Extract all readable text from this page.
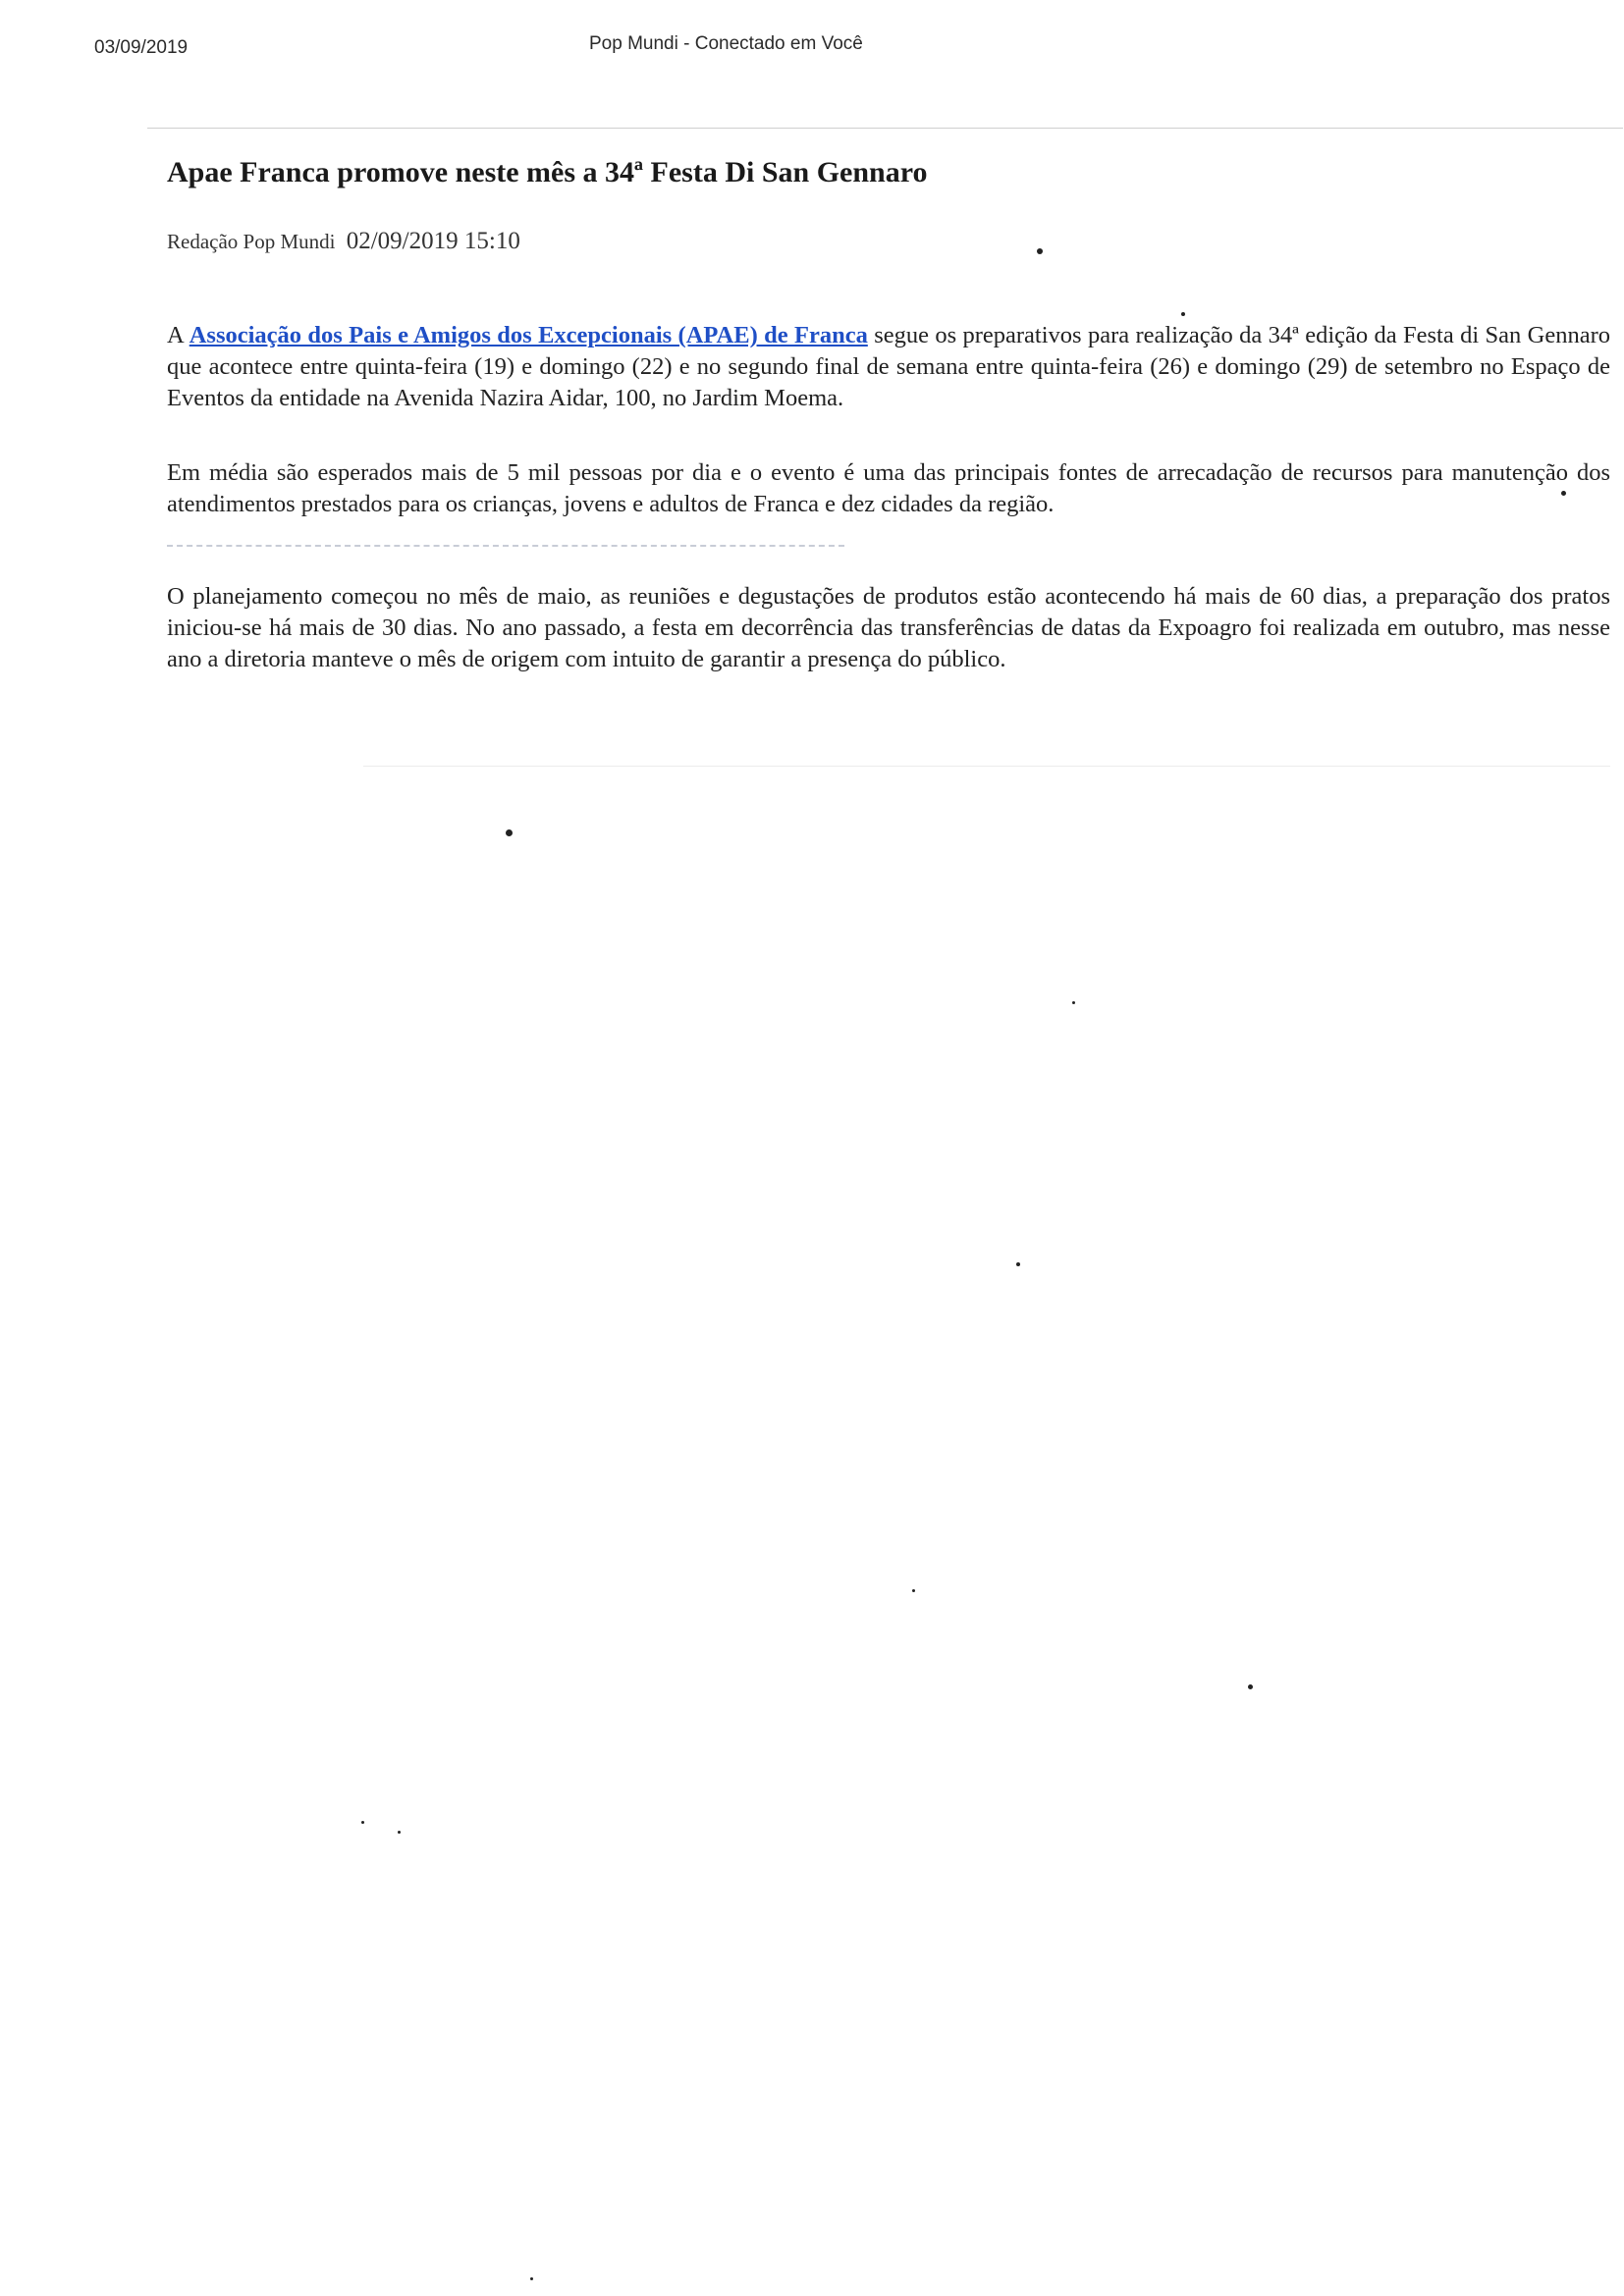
03/09/2019	Pop Mundi - Conectado em Você
Apae Franca promove neste mês a 34ª Festa Di San Gennaro
Redação Pop Mundi 02/09/2019 15:10

A Associação dos Pais e Amigos dos Excepcionais (APAE) de Franca segue os preparativos para realização da 34ª edição da Festa di San Gennaro que acontece entre quinta-feira (19) e domingo (22) e no segundo final de semana entre quinta-feira (26) e domingo (29) de setembro no Espaço de Eventos da entidade na Avenida Nazira Aidar, 100, no Jardim Moema.

Em média são esperados mais de 5 mil pessoas por dia e o evento é uma das principais fontes de arrecadação de recursos para manutenção dos atendimentos prestados para os crianças, jovens e adultos de Franca e dez cidades da região.

O planejamento começou no mês de maio, as reuniões e degustações de produtos estão acontecendo há mais de 60 dias, a preparação dos pratos iniciou-se há mais de 30 dias. No ano passado, a festa em decorrência das transferências de datas da Expoagro foi realizada em outubro, mas nesse ano a diretoria manteve o mês de origem com intuito de garantir a presença do público.
